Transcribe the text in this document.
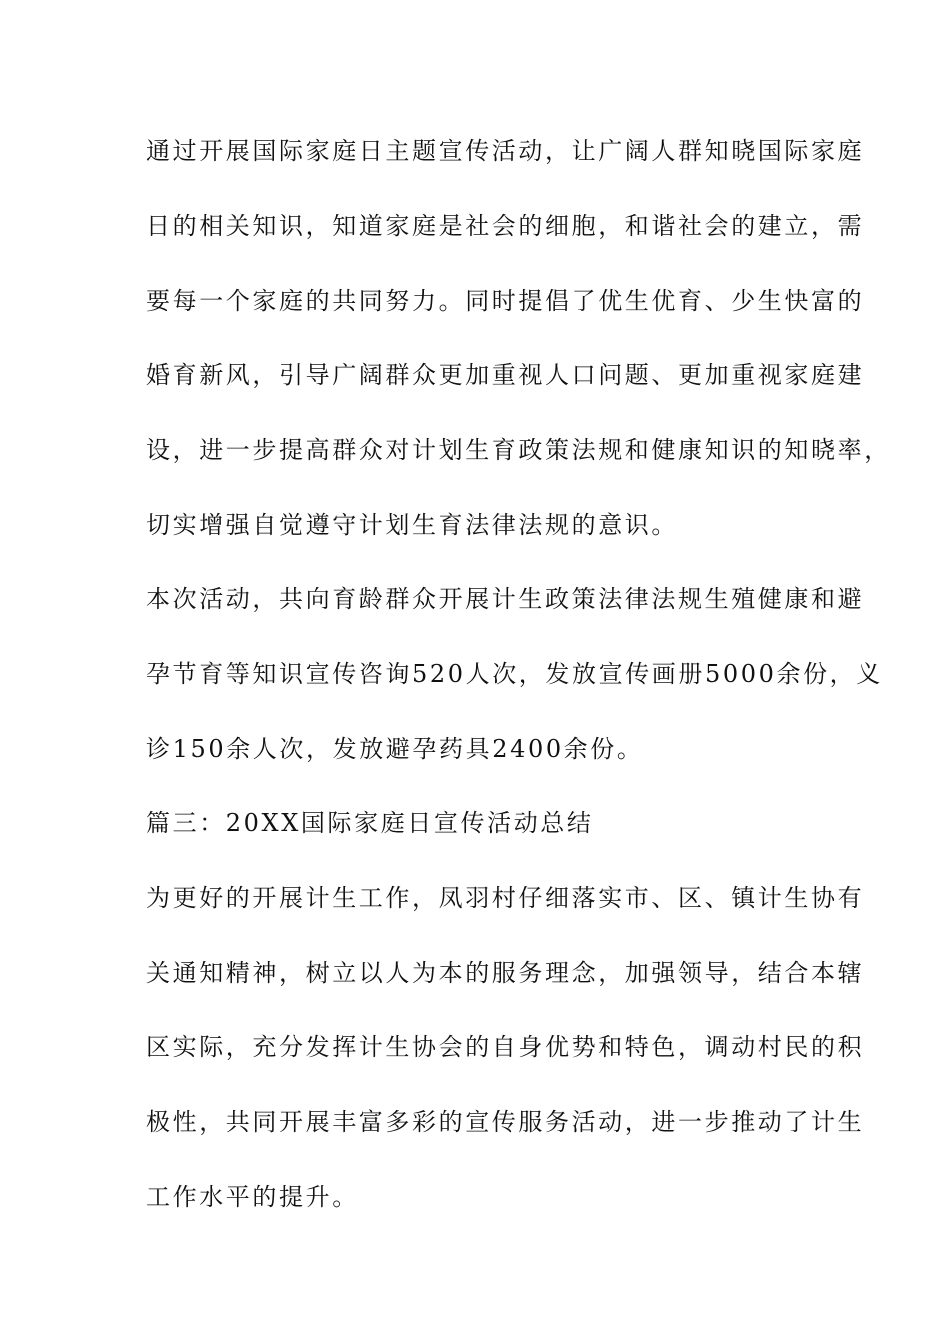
通过开展国际家庭日主题宣传活动，让广阔人群知晓国际家庭
日的相关知识，知道家庭是社会的细胞，和谐社会的建立，需
要每一个家庭的共同努力。同时提倡了优生优育、少生快富的
婚育新风，引导广阔群众更加重视人口问题、更加重视家庭建
设，进一步提高群众对计划生育政策法规和健康知识的知晓率，
切实增强自觉遵守计划生育法律法规的意识。
本次活动，共向育龄群众开展计生政策法律法规生殖健康和避
孕节育等知识宣传咨询520人次，发放宣传画册5000余份，义
诊150余人次，发放避孕药具2400余份。
篇三：20XX国际家庭日宣传活动总结
为更好的开展计生工作，凤羽村仔细落实市、区、镇计生协有
关通知精神，树立以人为本的服务理念，加强领导，结合本辖
区实际，充分发挥计生协会的自身优势和特色，调动村民的积
极性，共同开展丰富多彩的宣传服务活动，进一步推动了计生
工作水平的提升。
